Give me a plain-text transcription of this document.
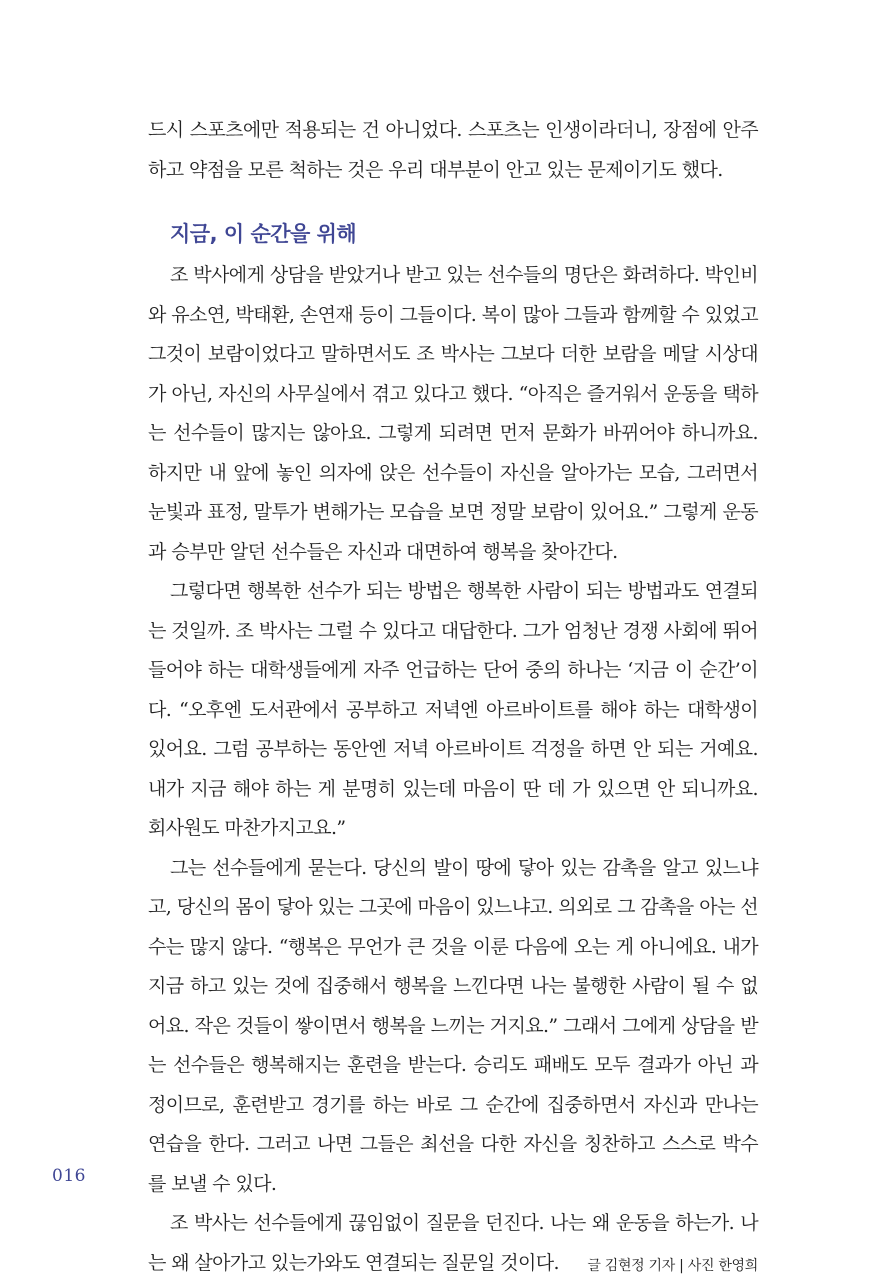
드시 스포츠에만 적용되는 건 아니었다. 스포츠는 인생이라더니, 장점에 안주하고 약점을 모른 척하는 것은 우리 대부분이 안고 있는 문제이기도 했다.

지금, 이 순간을 위해

조 박사에게 상담을 받았거나 받고 있는 선수들의 명단은 화려하다. 박인비와 유소연, 박태환, 손연재 등이 그들이다. 복이 많아 그들과 함께할 수 있었고 그것이 보람이었다고 말하면서도 조 박사는 그보다 더한 보람을 메달 시상대가 아닌, 자신의 사무실에서 겪고 있다고 했다. “아직은 즐거워서 운동을 택하는 선수들이 많지는 않아요. 그렇게 되려면 먼저 문화가 바뀌어야 하니까요. 하지만 내 앞에 놓인 의자에 앉은 선수들이 자신을 알아가는 모습, 그러면서 눈빛과 표정, 말투가 변해가는 모습을 보면 정말 보람이 있어요.” 그렇게 운동과 승부만 알던 선수들은 자신과 대면하여 행복을 찾아간다.

그렇다면 행복한 선수가 되는 방법은 행복한 사람이 되는 방법과도 연결되는 것일까. 조 박사는 그럴 수 있다고 대답한다. 그가 엄청난 경쟁 사회에 뛰어들어야 하는 대학생들에게 자주 언급하는 단어 중의 하나는 ‘지금 이 순간’이다. “오후엔 도서관에서 공부하고 저녁엔 아르바이트를 해야 하는 대학생이 있어요. 그럼 공부하는 동안엔 저녁 아르바이트 걱정을 하면 안 되는 거예요. 내가 지금 해야 하는 게 분명히 있는데 마음이 딴 데 가 있으면 안 되니까요. 회사원도 마찬가지고요.”

그는 선수들에게 묻는다. 당신의 발이 땅에 닿아 있는 감촉을 알고 있느냐고, 당신의 몸이 닿아 있는 그곳에 마음이 있느냐고. 의외로 그 감촉을 아는 선수는 많지 않다. “행복은 무언가 큰 것을 이룬 다음에 오는 게 아니에요. 내가 지금 하고 있는 것에 집중해서 행복을 느낀다면 나는 불행한 사람이 될 수 없어요. 작은 것들이 쌓이면서 행복을 느끼는 거지요.” 그래서 그에게 상담을 받는 선수들은 행복해지는 훈련을 받는다. 승리도 패배도 모두 결과가 아닌 과정이므로, 훈련받고 경기를 하는 바로 그 순간에 집중하면서 자신과 만나는 연습을 한다. 그러고 나면 그들은 최선을 다한 자신을 칭찬하고 스스로 박수를 보낼 수 있다.

조 박사는 선수들에게 끊임없이 질문을 던진다. 나는 왜 운동을 하는가. 나는 왜 살아가고 있는가와도 연결되는 질문일 것이다. 글 김현정 기자 | 사진 한영희

016
